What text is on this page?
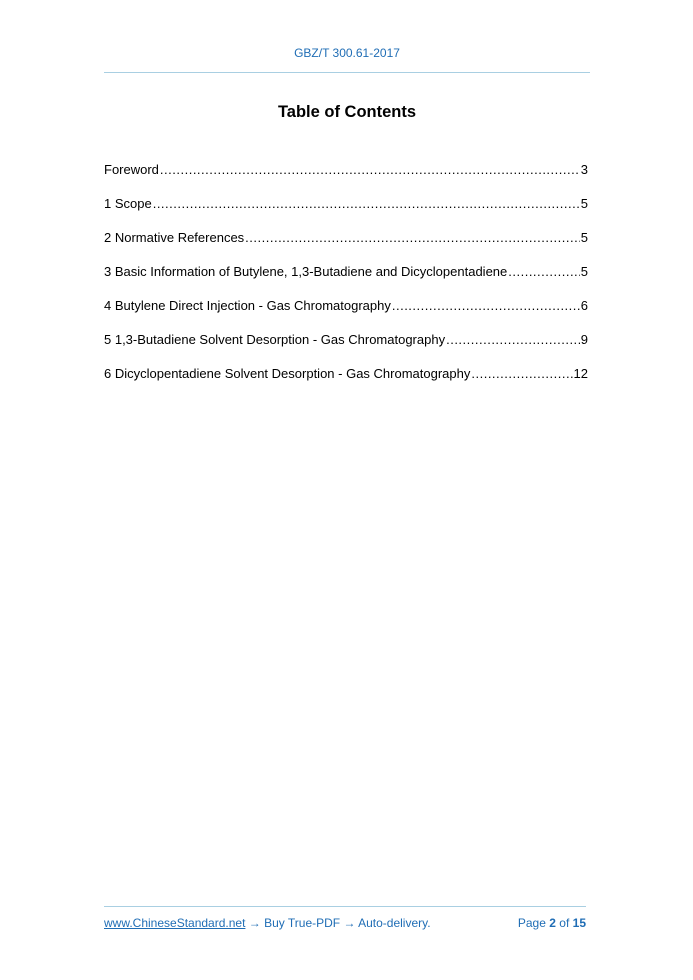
GBZ/T 300.61-2017
Table of Contents
Foreword .....	3
1 Scope .....	5
2 Normative References .....	5
3 Basic Information of Butylene, 1,3-Butadiene and Dicyclopentadiene .....	5
4 Butylene Direct Injection - Gas Chromatography .....	6
5 1,3-Butadiene Solvent Desorption - Gas Chromatography .....	9
6 Dicyclopentadiene Solvent Desorption - Gas Chromatography .....	12
www.ChineseStandard.net → Buy True-PDF → Auto-delivery.	Page 2 of 15
